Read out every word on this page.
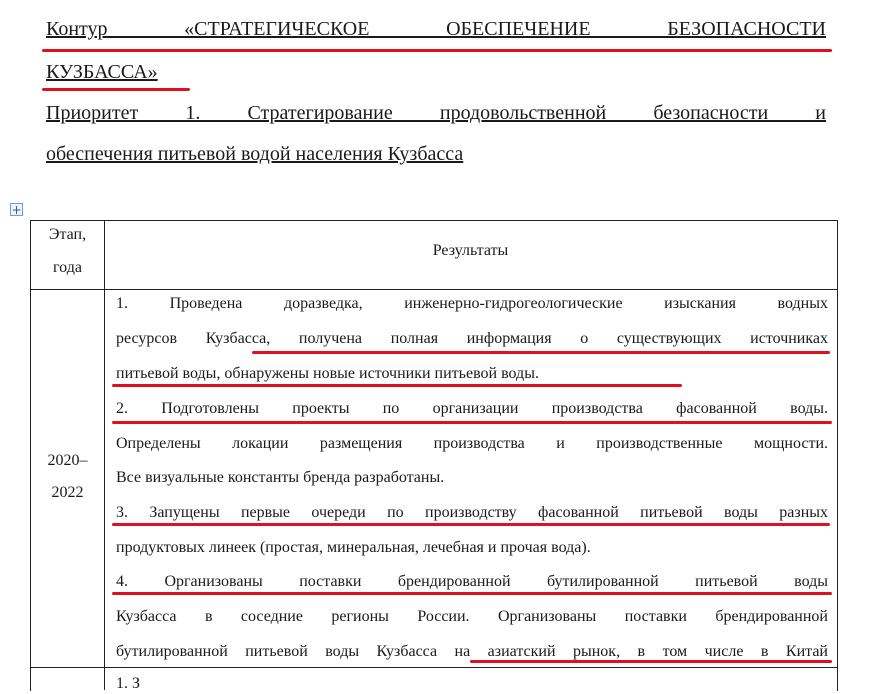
Контур «СТРАТЕГИЧЕСКОЕ ОБЕСПЕЧЕНИЕ БЕЗОПАСНОСТИ
КУЗБАССА»
Приоритет 1. Стратегирование продовольственной безопасности и
обеспечения питьевой водой населения Кузбасса
+
Этап,
года
Результаты
2020–
2022
1. Проведена доразведка, инженерно-гидрогеологические изыскания водных
ресурсов Кузбасса, получена полная информация о существующих источниках
питьевой воды, обнаружены новые источники питьевой воды.
2. Подготовлены проекты по организации производства фасованной воды.
Определены локации размещения производства и производственные мощности.
Все визуальные константы бренда разработаны.
3. Запущены первые очереди по производству фасованной питьевой воды разных
продуктовых линеек (простая, минеральная, лечебная и прочая вода).
4. Организованы поставки брендированной бутилированной питьевой воды
Кузбасса в соседние регионы России. Организованы поставки брендированной
бутилированной питьевой воды Кузбасса на азиатский рынок, в том числе в Китай
1. З
